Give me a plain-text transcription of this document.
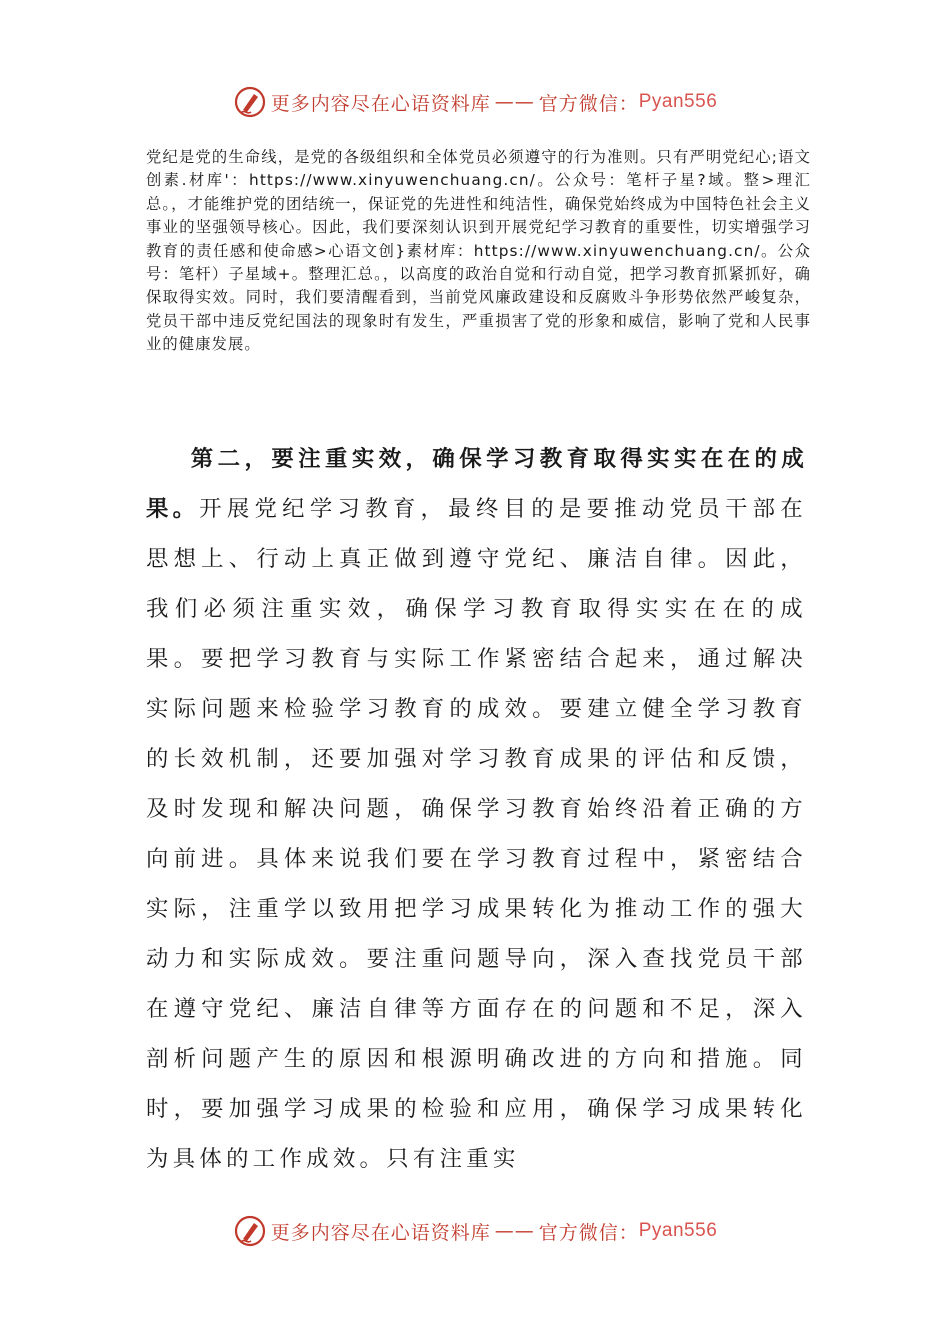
更多内容尽在心语资料库 —— 官方微信： Pyan556

党纪是党的生命线，是党的各级组织和全体党员必须遵守的行为准则。只有严明党纪心;语文创素.材库'：https://www.xinyuwenchuang.cn/。公众号：笔杆子星?域。整>理汇总。，才能维护党的团结统一，保证党的先进性和纯洁性，确保党始终成为中国特色社会主义事业的坚强领导核心。因此，我们要深刻认识到开展党纪学习教育的重要性，切实增强学习教育的责任感和使命感>心语文创}素材库：https://www.xinyuwenchuang.cn/。公众号：笔杆）子星域+。整理汇总。，以高度的政治自觉和行动自觉，把学习教育抓紧抓好，确保取得实效。同时，我们要清醒看到，当前党风廉政建设和反腐败斗争形势依然严峻复杂，党员干部中违反党纪国法的现象时有发生，严重损害了党的形象和威信，影响了党和人民事业的健康发展。

第二，要注重实效，确保学习教育取得实实在在的成果。开展党纪学习教育，最终目的是要推动党员干部在思想上、行动上真正做到遵守党纪、廉洁自律。因此，我们必须注重实效，确保学习教育取得实实在在的成果。要把学习教育与实际工作紧密结合起来，通过解决实际问题来检验学习教育的成效。要建立健全学习教育的长效机制，还要加强对学习教育成果的评估和反馈，及时发现和解决问题，确保学习教育始终沿着正确的方向前进。具体来说我们要在学习教育过程中，紧密结合实际，注重学以致用把学习成果转化为推动工作的强大动力和实际成效。要注重问题导向，深入查找党员干部在遵守党纪、廉洁自律等方面存在的问题和不足，深入剖析问题产生的原因和根源明确改进的方向和措施。同时，要加强学习成果的检验和应用，确保学习成果转化为具体的工作成效。只有注重实

更多内容尽在心语资料库 —— 官方微信： Pyan556
